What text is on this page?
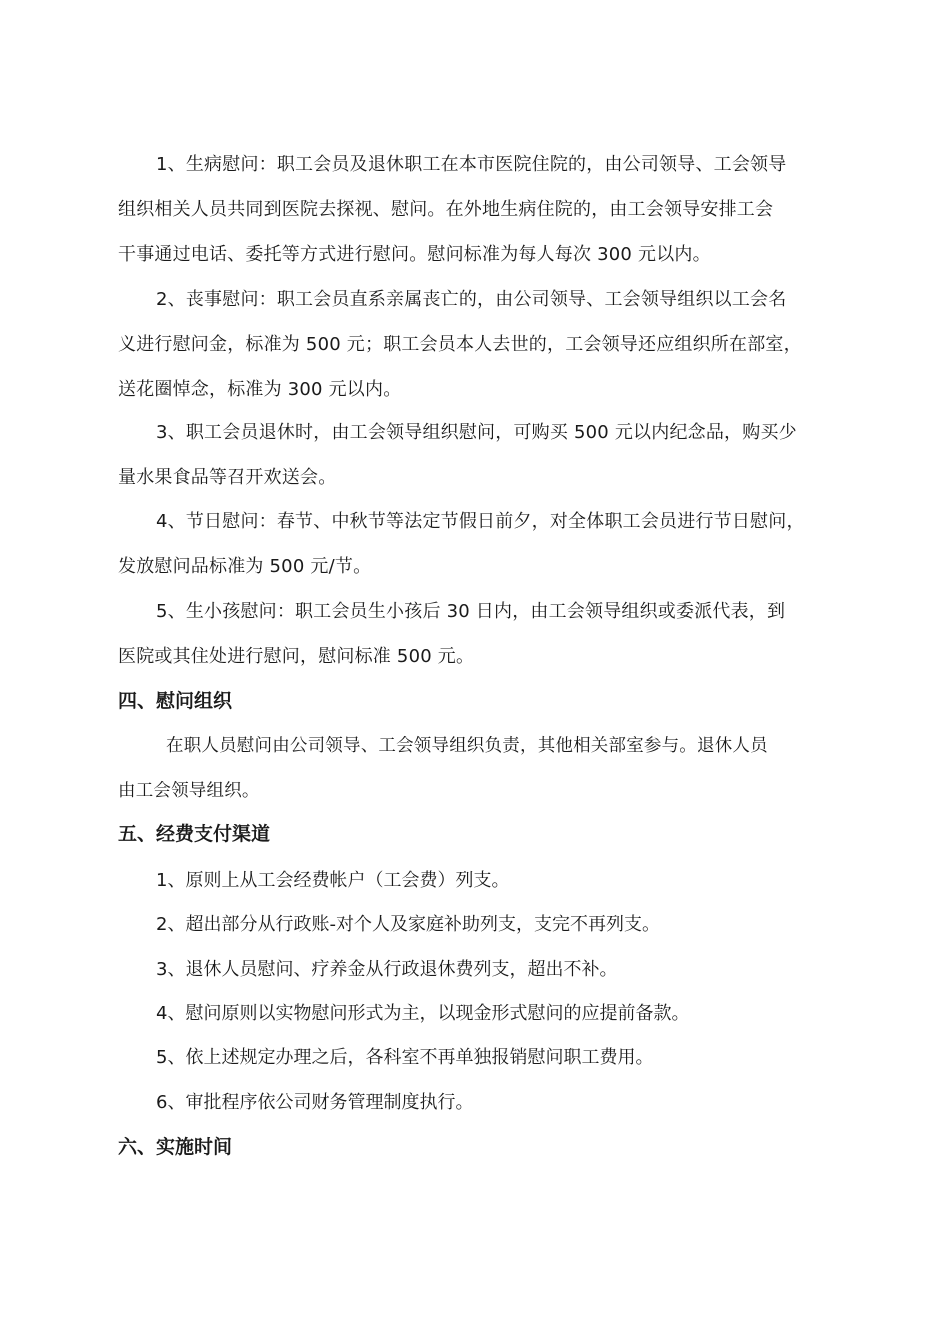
1、生病慰问：职工会员及退休职工在本市医院住院的，由公司领导、工会领导
组织相关人员共同到医院去探视、慰问。在外地生病住院的，由工会领导安排工会
干事通过电话、委托等方式进行慰问。慰问标准为每人每次 300 元以内。
2、丧事慰问：职工会员直系亲属丧亡的，由公司领导、工会领导组织以工会名
义进行慰问金，标准为 500 元；职工会员本人去世的，工会领导还应组织所在部室，
送花圈悼念，标准为 300 元以内。
3、职工会员退休时，由工会领导组织慰问，可购买 500 元以内纪念品，购买少
量水果食品等召开欢送会。
4、节日慰问：春节、中秋节等法定节假日前夕，对全体职工会员进行节日慰问，
发放慰问品标准为 500 元/节。
5、生小孩慰问：职工会员生小孩后 30 日内，由工会领导组织或委派代表，到
医院或其住处进行慰问，慰问标准 500 元。
四、慰问组织
在职人员慰问由公司领导、工会领导组织负责，其他相关部室参与。退休人员
由工会领导组织。
五、经费支付渠道

1、原则上从工会经费帐户（工会费）列支。

2、超出部分从行政账-对个人及家庭补助列支，支完不再列支。

3、退休人员慰问、疗养金从行政退休费列支，超出不补。

4、慰问原则以实物慰问形式为主，以现金形式慰问的应提前备款。

5、依上述规定办理之后，各科室不再单独报销慰问职工费用。

6、审批程序依公司财务管理制度执行。

六、实施时间
